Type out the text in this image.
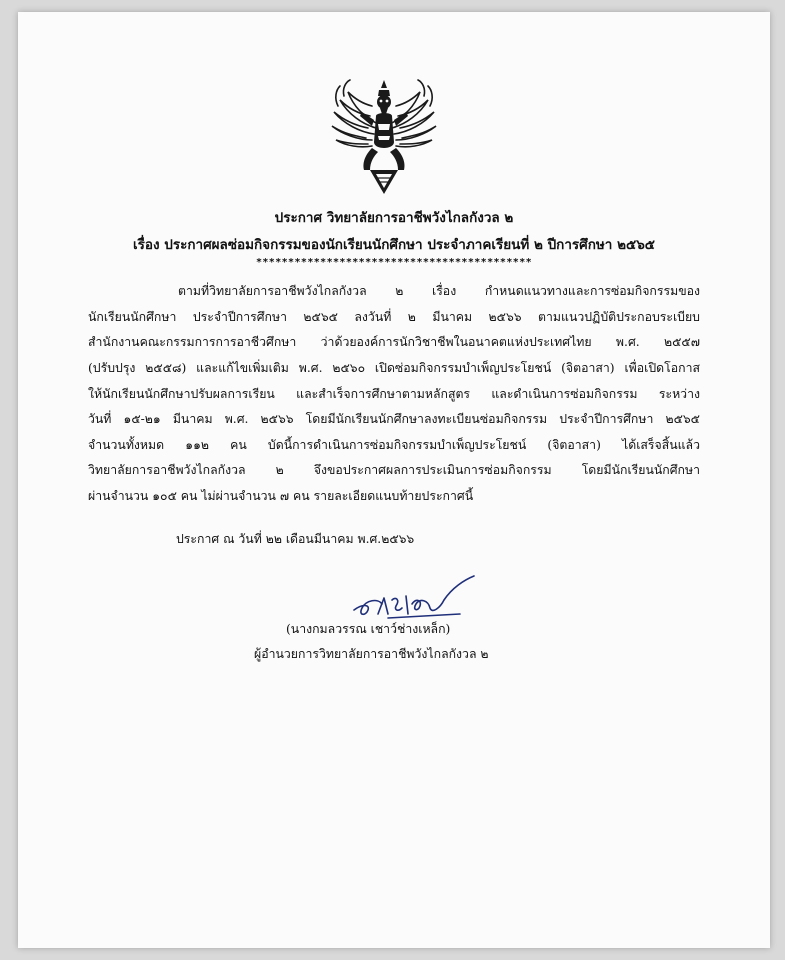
ประกาศ วิทยาลัยการอาชีพวังไกลกังวล ๒
เรื่อง ประกาศผลซ่อมกิจกรรมของนักเรียนนักศึกษา ประจำภาคเรียนที่ ๒ ปีการศึกษา ๒๕๖๕
*******************************************
ตามที่วิทยาลัยการอาชีพวังไกลกังวล ๒ เรื่อง กำหนดแนวทางและการซ่อมกิจกรรมของ
นักเรียนนักศึกษา ประจำปีการศึกษา ๒๕๖๕ ลงวันที่ ๒ มีนาคม ๒๕๖๖ ตามแนวปฏิบัติประกอบระเบียบ
สำนักงานคณะกรรมการการอาชีวศึกษา ว่าด้วยองค์การนักวิชาชีพในอนาคตแห่งประเทศไทย พ.ศ. ๒๕๕๗
(ปรับปรุง ๒๕๕๘) และแก้ไขเพิ่มเติม พ.ศ. ๒๕๖๐ เปิดซ่อมกิจกรรมบำเพ็ญประโยชน์ (จิตอาสา) เพื่อเปิดโอกาส
ให้นักเรียนนักศึกษาปรับผลการเรียน และสำเร็จการศึกษาตามหลักสูตร และดำเนินการซ่อมกิจกรรม ระหว่าง
วันที่ ๑๕-๒๑ มีนาคม พ.ศ. ๒๕๖๖ โดยมีนักเรียนนักศึกษาลงทะเบียนซ่อมกิจกรรม ประจำปีการศึกษา ๒๕๖๕
จำนวนทั้งหมด ๑๑๒ คน บัดนี้การดำเนินการซ่อมกิจกรรมบำเพ็ญประโยชน์ (จิตอาสา) ได้เสร็จสิ้นแล้ว
วิทยาลัยการอาชีพวังไกลกังวล ๒ จึงขอประกาศผลการประเมินการซ่อมกิจกรรม โดยมีนักเรียนนักศึกษา
ผ่านจำนวน ๑๐๕ คน ไม่ผ่านจำนวน ๗ คน รายละเอียดแนบท้ายประกาศนี้
ประกาศ ณ วันที่ ๒๒ เดือนมีนาคม พ.ศ.๒๕๖๖
(นางกมลวรรณ เชาว์ช่างเหล็ก)
ผู้อำนวยการวิทยาลัยการอาชีพวังไกลกังวล ๒
